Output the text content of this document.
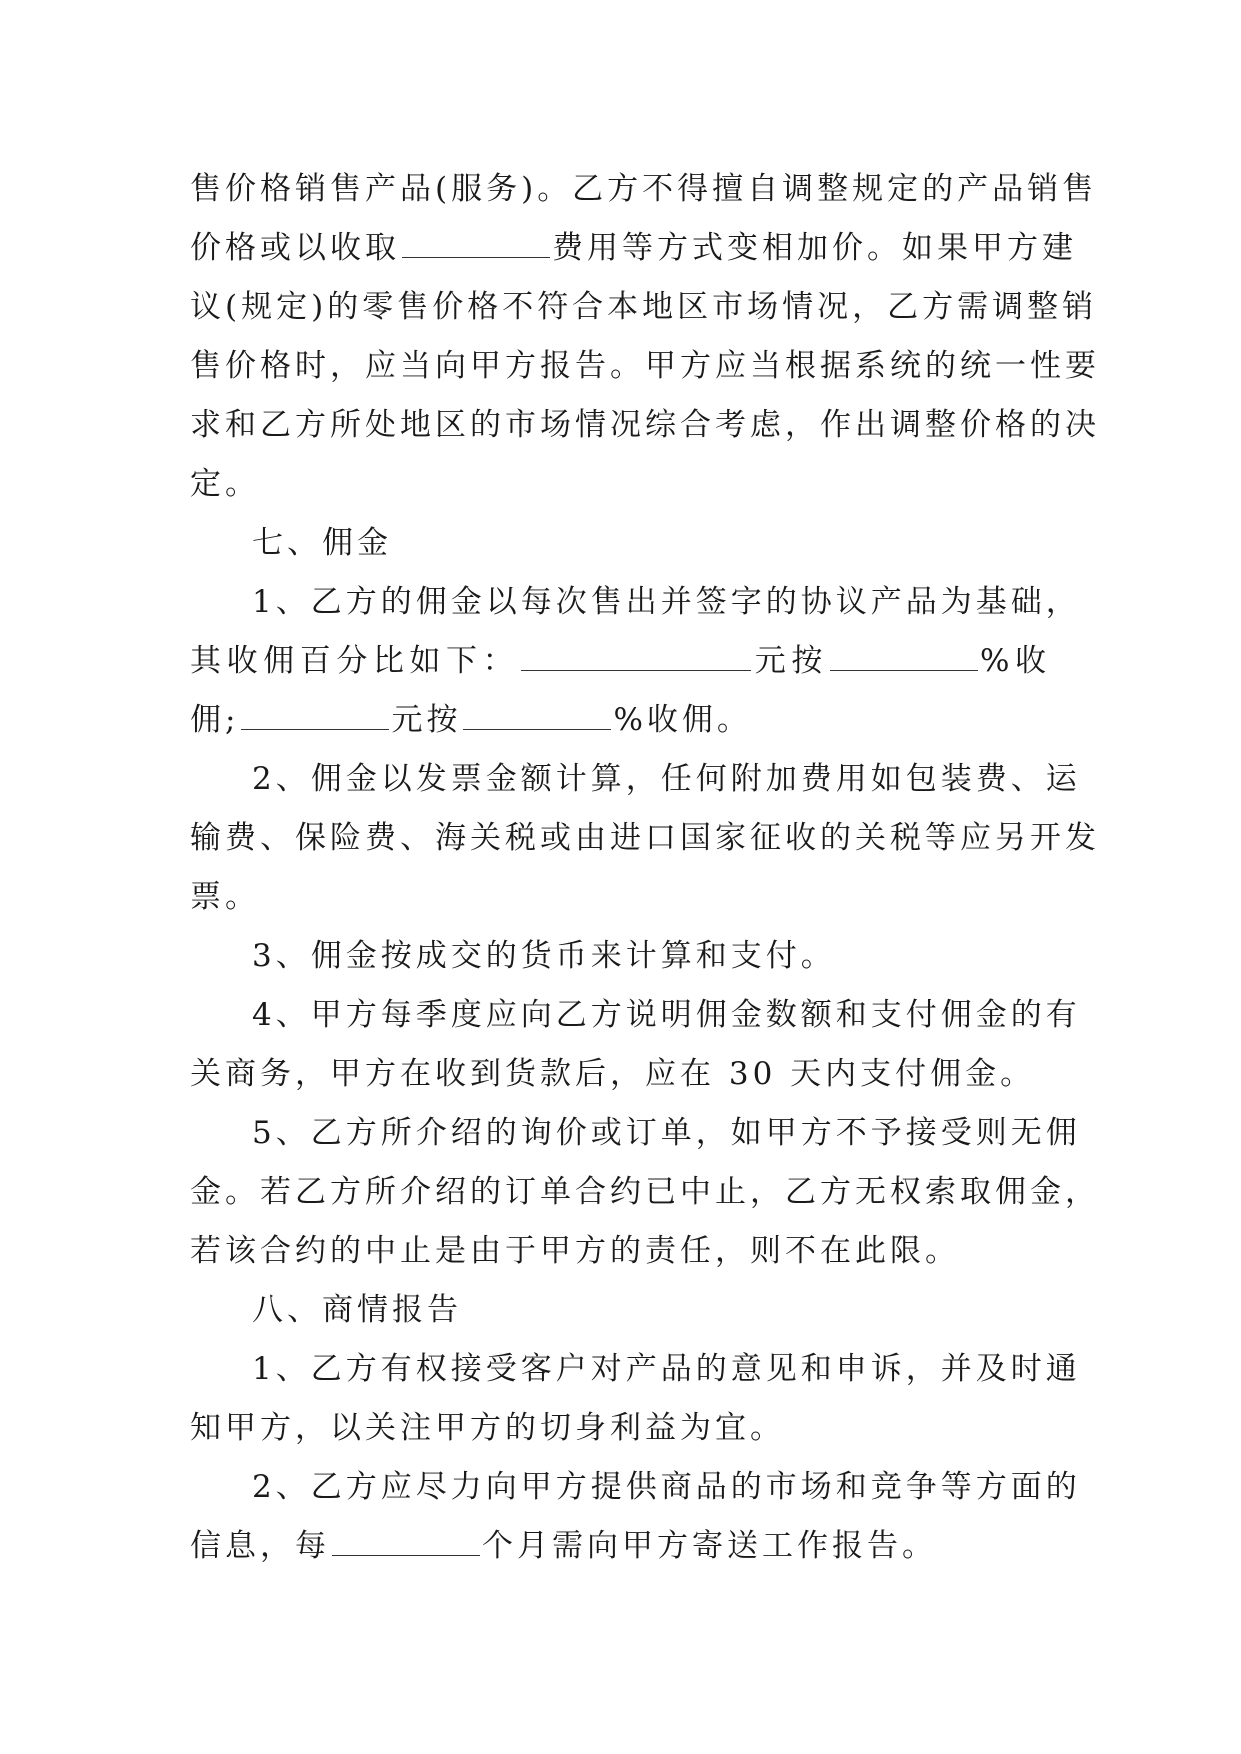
售价格销售产品(服务)。乙方不得擅自调整规定的产品销售
价格或以收取	费用等方式变相加价。如果甲方建
议(规定)的零售价格不符合本地区市场情况，乙方需调整销
售价格时，应当向甲方报告。甲方应当根据系统的统一性要
求和乙方所处地区的市场情况综合考虑，作出调整价格的决
定。
七、佣金
1、乙方的佣金以每次售出并签字的协议产品为基础，
其收佣百分比如下：	元按	%收
佣;	元按	%收佣。
2、佣金以发票金额计算，任何附加费用如包装费、运
输费、保险费、海关税或由进口国家征收的关税等应另开发
票。
3、佣金按成交的货币来计算和支付。
4、甲方每季度应向乙方说明佣金数额和支付佣金的有
关商务，甲方在收到货款后，应在 30 天内支付佣金。
5、乙方所介绍的询价或订单，如甲方不予接受则无佣
金。若乙方所介绍的订单合约已中止，乙方无权索取佣金，
若该合约的中止是由于甲方的责任，则不在此限。
八、商情报告
1、乙方有权接受客户对产品的意见和申诉，并及时通
知甲方，以关注甲方的切身利益为宜。
2、乙方应尽力向甲方提供商品的市场和竞争等方面的
信息，每	个月需向甲方寄送工作报告。
